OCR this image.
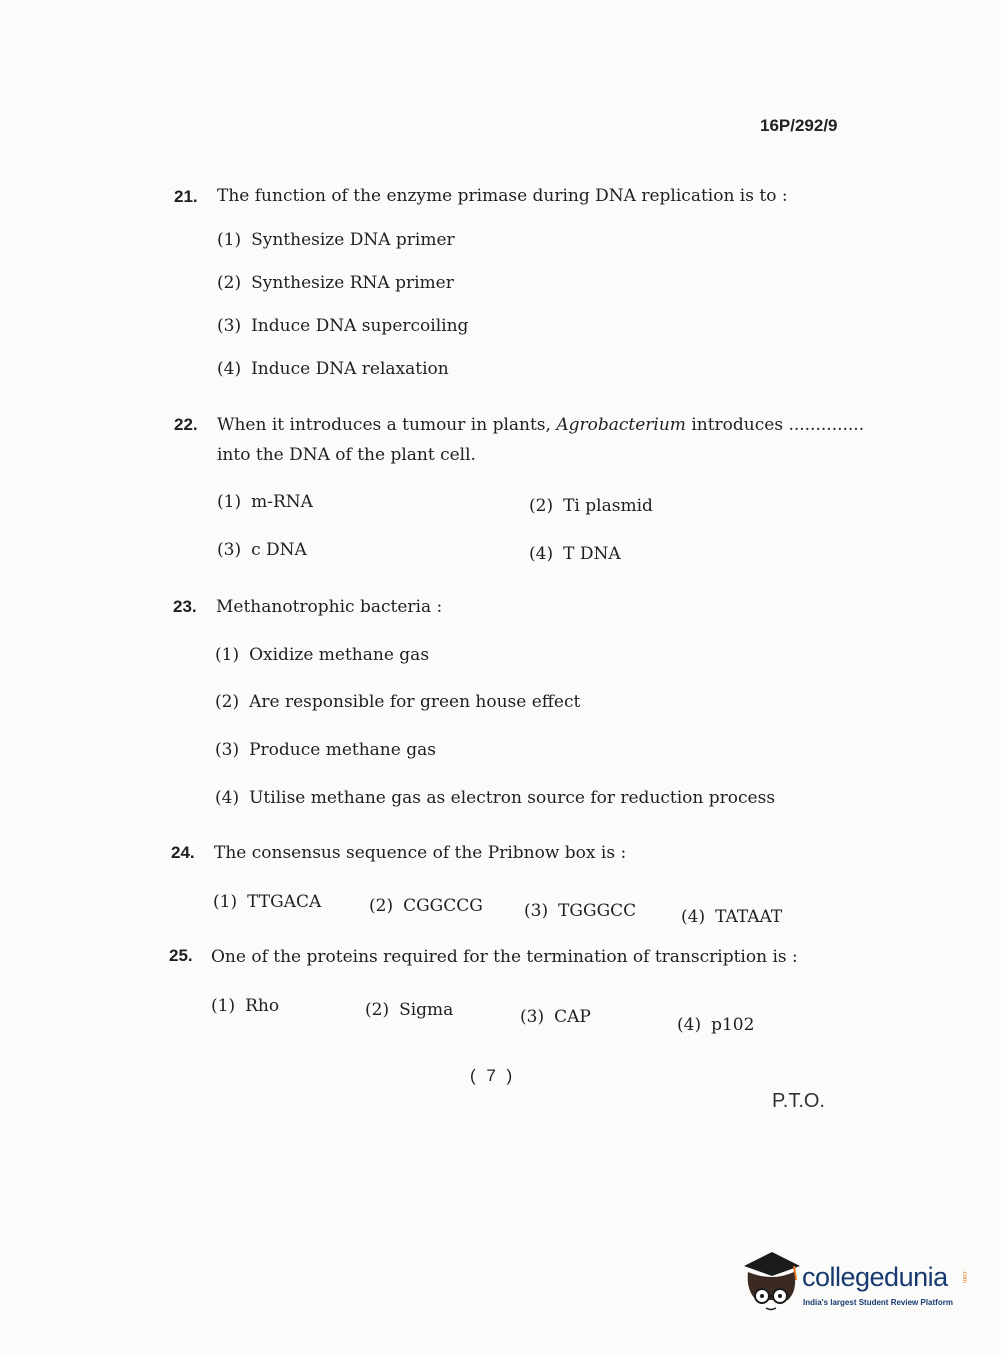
16P/292/9
21. The function of the enzyme primase during DNA replication is to :
(1) Synthesize DNA primer
(2) Synthesize RNA primer
(3) Induce DNA supercoiling
(4) Induce DNA relaxation
22. When it introduces a tumour in plants, Agrobacterium introduces ..............
into the DNA of the plant cell.
(1) m-RNA	(2) Ti plasmid
(3) c DNA	(4) T DNA
23. Methanotrophic bacteria :
(1) Oxidize methane gas
(2) Are responsible for green house effect
(3) Produce methane gas
(4) Utilise methane gas as electron source for reduction process
24. The consensus sequence of the Pribnow box is :
(1) TTGACA	(2) CGGCCG (3) TGGGCC	(4) TATAAT
25. One of the proteins required for the termination of transcription is :
(1) Rho	(2) Sigma	(3) CAP	(4) p102
( 7 )
P.T.O.
collegedunia .com
India's largest Student Review Platform
